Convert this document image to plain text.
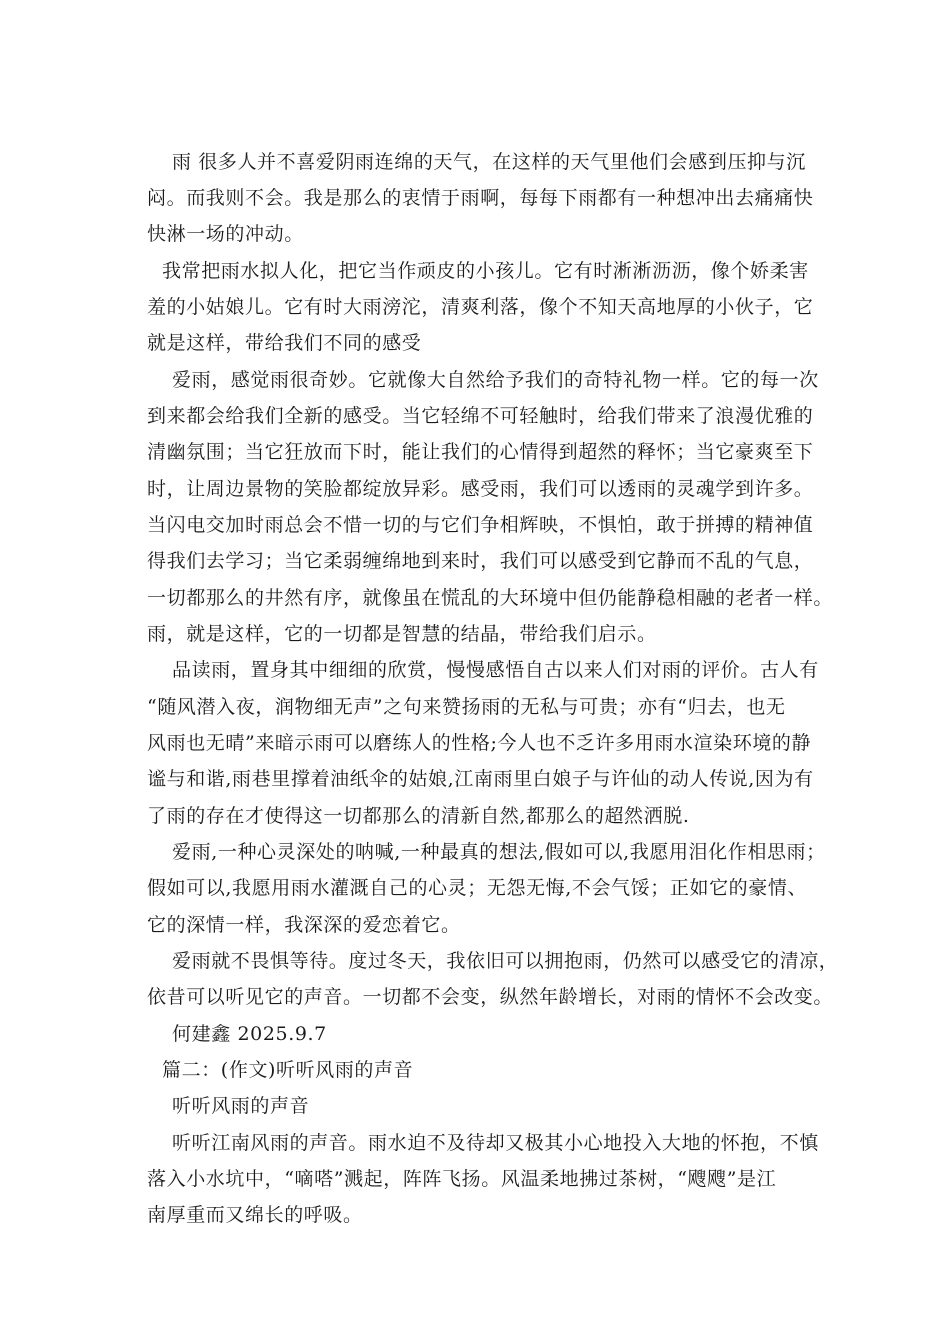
雨 很多人并不喜爱阴雨连绵的天气，在这样的天气里他们会感到压抑与沉
闷。而我则不会。我是那么的衷情于雨啊，每每下雨都有一种想冲出去痛痛快
快淋一场的冲动。
我常把雨水拟人化，把它当作顽皮的小孩儿。它有时淅淅沥沥，像个娇柔害
羞的小姑娘儿。它有时大雨滂沱，清爽利落，像个不知天高地厚的小伙子，它
就是这样，带给我们不同的感受
爱雨，感觉雨很奇妙。它就像大自然给予我们的奇特礼物一样。它的每一次
到来都会给我们全新的感受。当它轻绵不可轻触时，给我们带来了浪漫优雅的
清幽氛围；当它狂放而下时，能让我们的心情得到超然的释怀；当它豪爽至下
时，让周边景物的笑脸都绽放异彩。感受雨，我们可以透雨的灵魂学到许多。
当闪电交加时雨总会不惜一切的与它们争相辉映，不惧怕，敢于拼搏的精神值
得我们去学习；当它柔弱缠绵地到来时，我们可以感受到它静而不乱的气息，
一切都那么的井然有序，就像虽在慌乱的大环境中但仍能静稳相融的老者一样。
雨，就是这样，它的一切都是智慧的结晶，带给我们启示。
品读雨，置身其中细细的欣赏，慢慢感悟自古以来人们对雨的评价。古人有
“随风潜入夜，润物细无声”之句来赞扬雨的无私与可贵；亦有“归去，也无
风雨也无晴”来暗示雨可以磨练人的性格;今人也不乏许多用雨水渲染环境的静
谧与和谐,雨巷里撑着油纸伞的姑娘,江南雨里白娘子与许仙的动人传说,因为有
了雨的存在才使得这一切都那么的清新自然,都那么的超然洒脱.
爱雨,一种心灵深处的呐喊,一种最真的想法,假如可以,我愿用泪化作相思雨；
假如可以,我愿用雨水灌溉自己的心灵；无怨无悔,不会气馁；正如它的豪情、
它的深情一样，我深深的爱恋着它。
爱雨就不畏惧等待。度过冬天，我依旧可以拥抱雨，仍然可以感受它的清凉，
依昔可以听见它的声音。一切都不会变，纵然年龄增长，对雨的情怀不会改变。
何建鑫 2025.9.7
篇二：(作文)听听风雨的声音
听听风雨的声音
听听江南风雨的声音。雨水迫不及待却又极其小心地投入大地的怀抱，不慎
落入小水坑中，“嘀嗒”溅起，阵阵飞扬。风温柔地拂过茶树，“飕飕”是江
南厚重而又绵长的呼吸。
